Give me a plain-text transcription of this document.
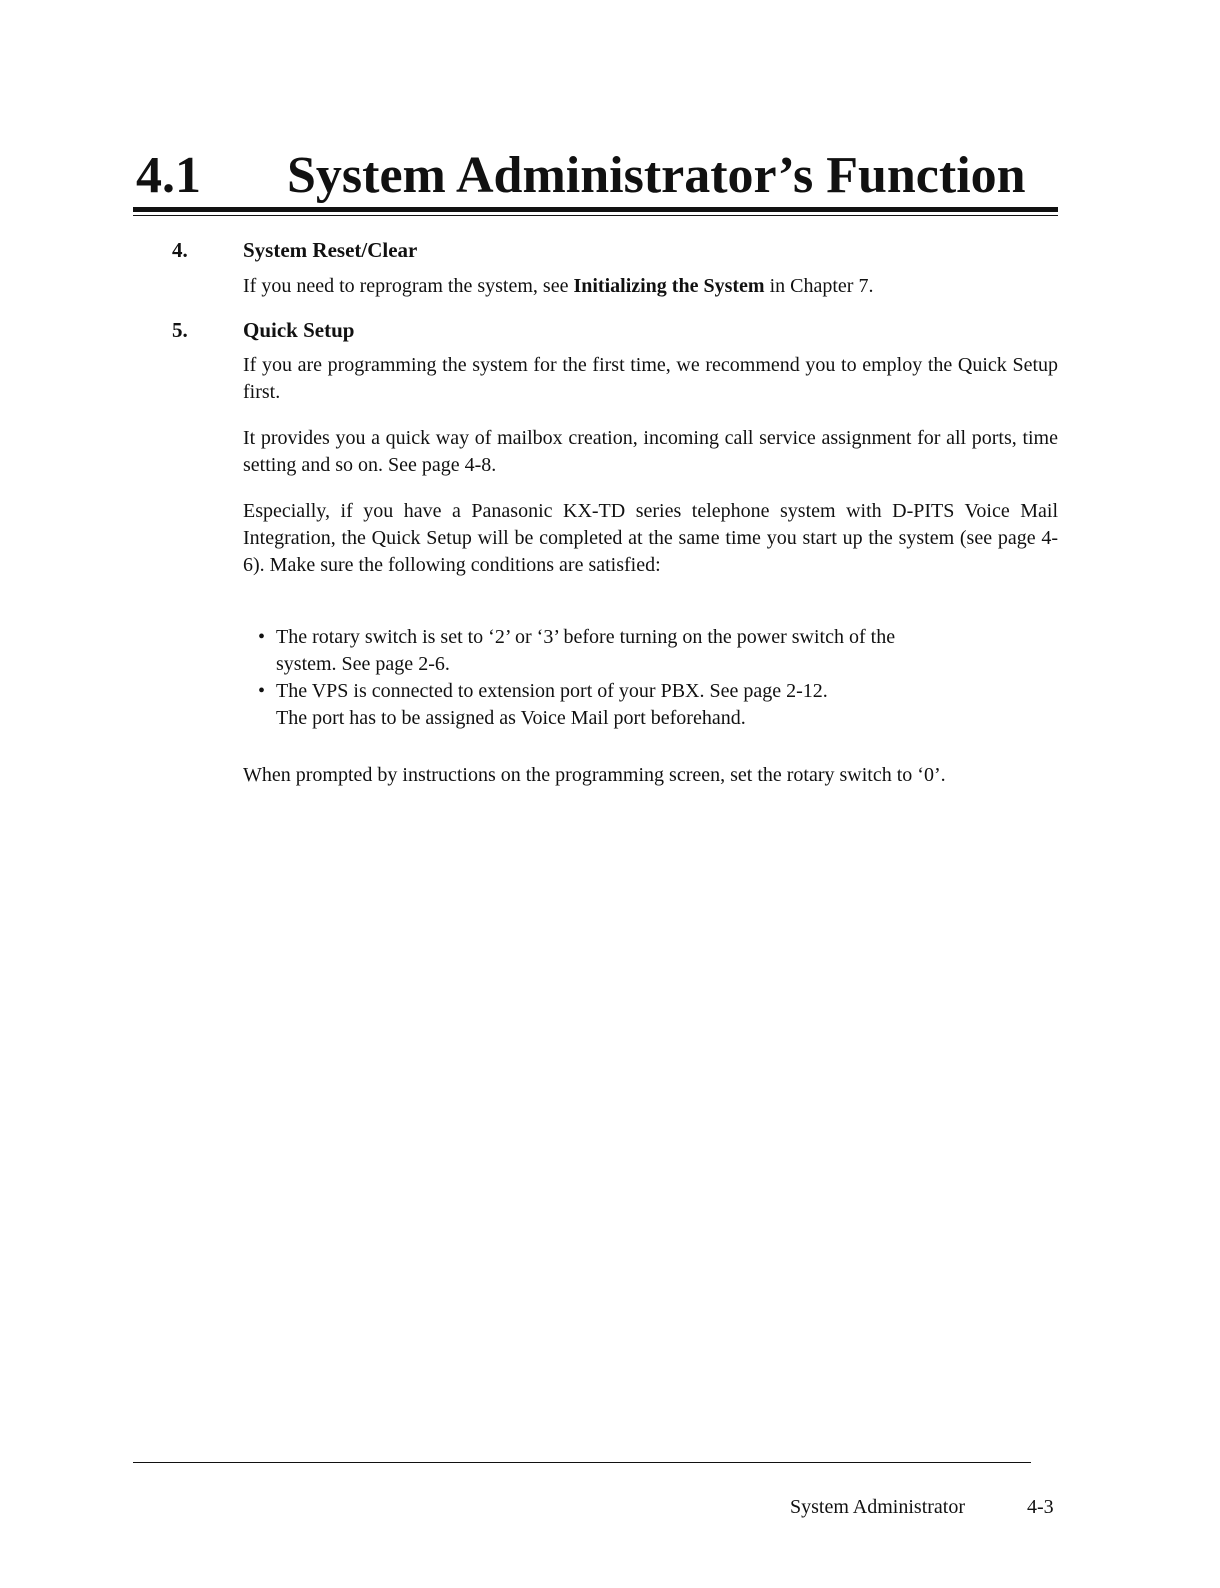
4.1 System Administrator’s Function
4.	System Reset/Clear
If you need to reprogram the system, see Initializing the System in Chapter 7.
5.	Quick Setup
If you are programming the system for the first time, we recommend you to employ the Quick Setup first.
It provides you a quick way of mailbox creation, incoming call service assignment for all ports, time setting and so on. See page 4-8.
Especially, if you have a Panasonic KX-TD series telephone system with D-PITS Voice Mail Integration, the Quick Setup will be completed at the same time you start up the system (see page 4-6). Make sure the following conditions are satisfied:
• The rotary switch is set to ‘2’ or ‘3’ before turning on the power switch of the
system. See page 2-6.
• The VPS is connected to extension port of your PBX. See page 2-12.
The port has to be assigned as Voice Mail port beforehand.
When prompted by instructions on the programming screen, set the rotary switch to ‘0’.
System Administrator	4-3
